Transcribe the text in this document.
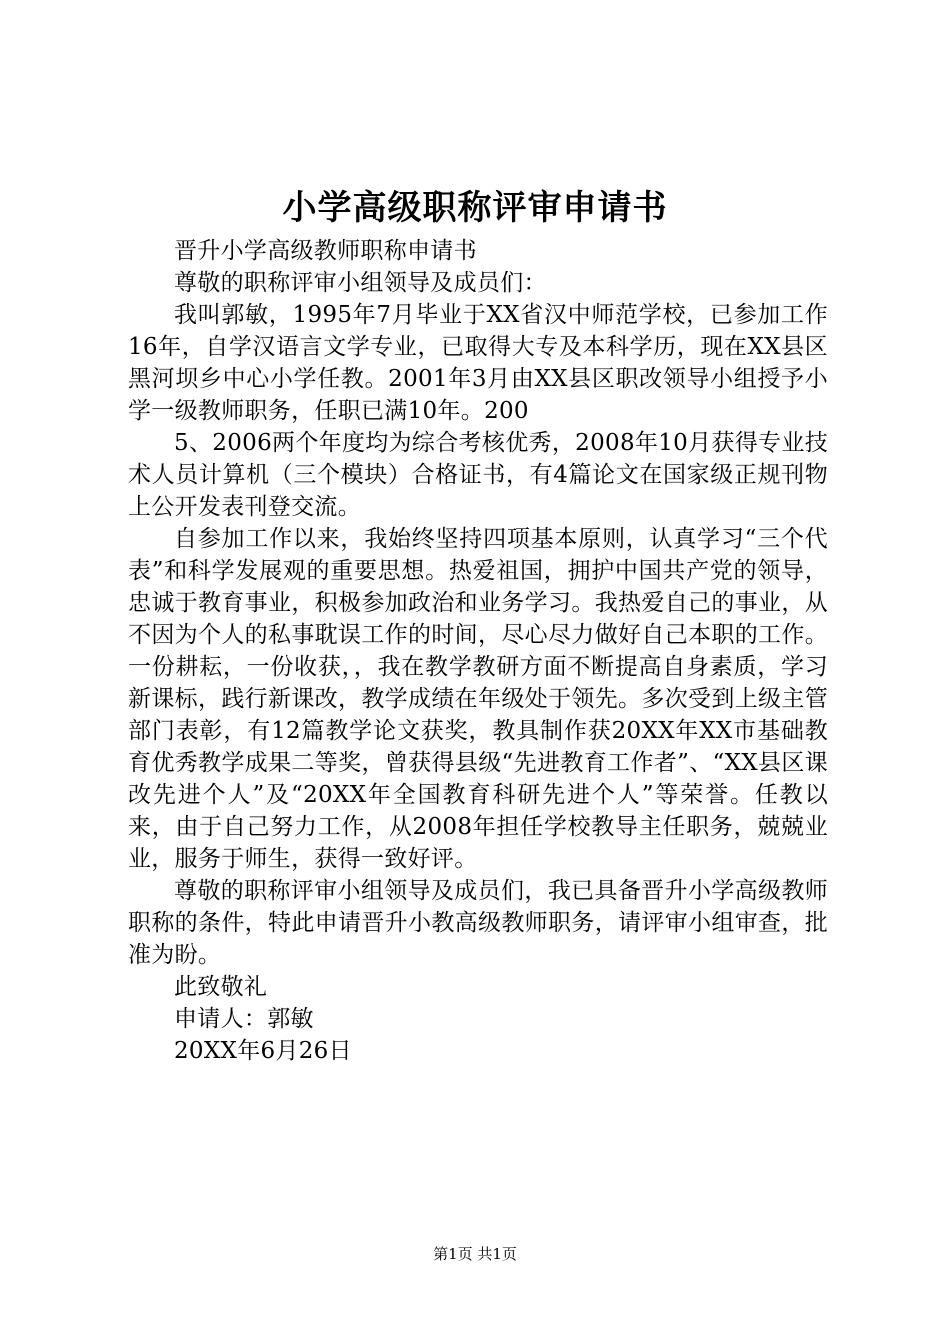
小学高级职称评审申请书

晋升小学高级教师职称申请书

尊敬的职称评审小组领导及成员们：

我叫郭敏，1995年7月毕业于XX省汉中师范学校，已参加工作16年，自学汉语言文学专业，已取得大专及本科学历，现在XX县区黑河坝乡中心小学任教。2001年3月由XX县区职改领导小组授予小学一级教师职务，任职已满10年。200

5、2006两个年度均为综合考核优秀，2008年10月获得专业技术人员计算机（三个模块）合格证书，有4篇论文在国家级正规刊物上公开发表刊登交流。

自参加工作以来，我始终坚持四项基本原则，认真学习“三个代表”和科学发展观的重要思想。热爱祖国，拥护中国共产党的领导，忠诚于教育事业，积极参加政治和业务学习。我热爱自己的事业，从不因为个人的私事耽误工作的时间，尽心尽力做好自己本职的工作。一份耕耘，一份收获，，我在教学教研方面不断提高自身素质，学习新课标，践行新课改，教学成绩在年级处于领先。多次受到上级主管部门表彰，有12篇教学论文获奖，教具制作获20XX年XX市基础教育优秀教学成果二等奖，曾获得县级“先进教育工作者”、“XX县区课改先进个人”及“20XX年全国教育科研先进个人”等荣誉。任教以来，由于自己努力工作，从2008年担任学校教导主任职务，兢兢业业，服务于师生，获得一致好评。

尊敬的职称评审小组领导及成员们，我已具备晋升小学高级教师职称的条件，特此申请晋升小教高级教师职务，请评审小组审查，批准为盼。

此致敬礼

申请人：郭敏

20XX年6月26日

第1页 共1页
